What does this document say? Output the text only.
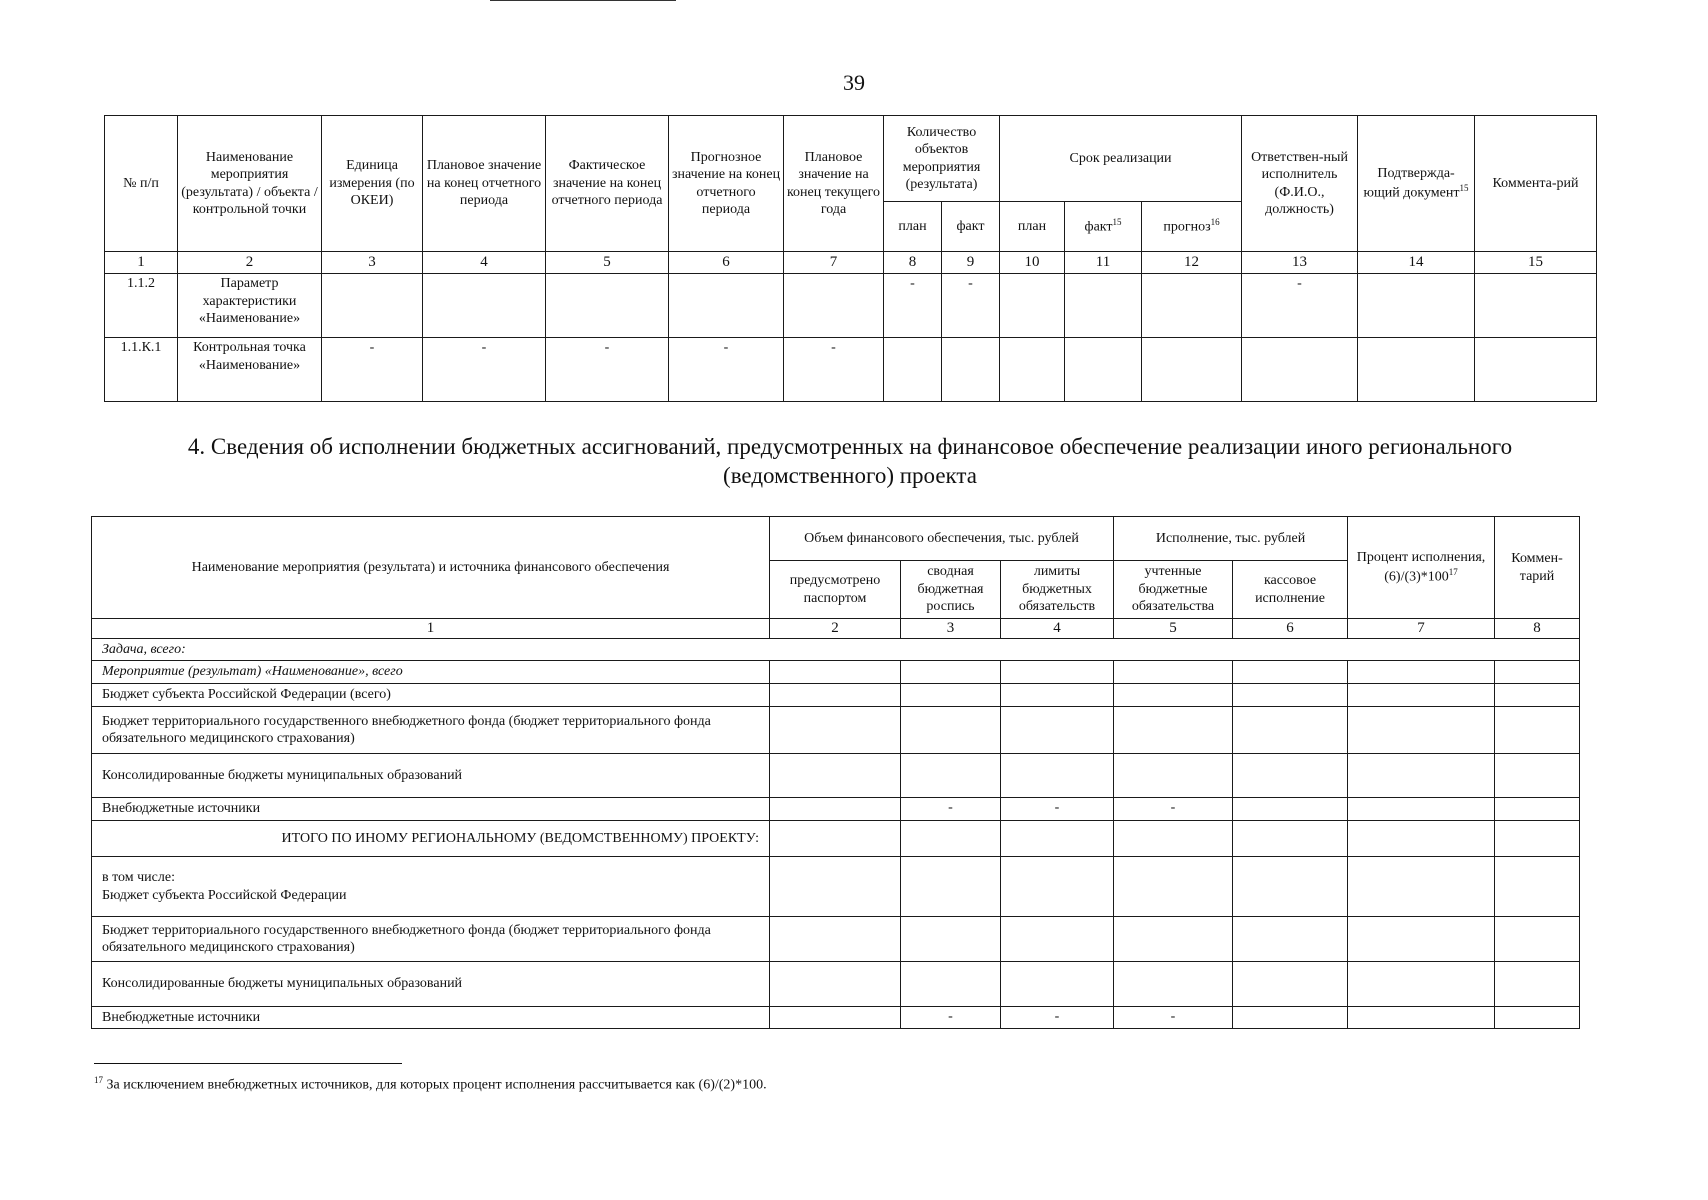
39
№ п/п	Наименование мероприятия (результата) / объекта / контрольной точки	Единица измерения (по ОКЕИ)	Плановое значение на конец отчетного периода	Фактическое значение на конец отчетного периода	Прогнозное значение на конец отчетного периода	Плановое значение на конец текущего года	Количество объектов мероприятия (результата)		Срок реализации			Ответствен-ный исполнитель (Ф.И.О., должность)	Подтвержда-ющий документ$^{15}$	Коммента-рий
							план	факт	план	факт$^{15}$	прогноз$^{16}$
1	2	3	4	5	6	7	8	9	10	11	12	13	14	15
1.1.2	Параметр характеристики «Наименование»						-	-				-		
1.1.К.1	Контрольная точка «Наименование»	-	-	-	-	-								
4. Сведения об исполнении бюджетных ассигнований, предусмотренных на финансовое обеспечение реализации иного регионального (ведомственного) проекта
Наименование мероприятия (результата) и источника финансового обеспечения	Объем финансового обеспечения, тыс. рублей			Исполнение, тыс. рублей		Процент исполнения, $(6)/(3)*100^{17}$	Коммен-тарий
	предусмотрено паспортом	сводная бюджетная роспись	лимиты бюджетных обязательств	учтенные бюджетные обязательства	кассовое исполнение		
1	2	3	4	5	6	7	8
Задача, всего:							
Мероприятие (результат) «Наименование», всего							
Бюджет субъекта Российской Федерации (всего)							
Бюджет территориального государственного внебюджетного фонда (бюджет территориального фонда обязательного медицинского страхования)							
Консолидированные бюджеты муниципальных образований							
Внебюджетные источники		-	-	-			
ИТОГО ПО ИНОМУ РЕГИОНАЛЬНОМУ (ВЕДОМСТВЕННОМУ) ПРОЕКТУ:							

в том числе:
Бюджет субъекта Российской Федерации							

Бюджет территориального государственного внебюджетного фонда (бюджет территориального фонда обязательного медицинского страхования)							
Консолидированные бюджеты муниципальных образований							
Внебюджетные источники		-	-	-			
$^{17}$ За исключением внебюджетных источников, для которых процент исполнения рассчитывается как (6)/(2)*100.
